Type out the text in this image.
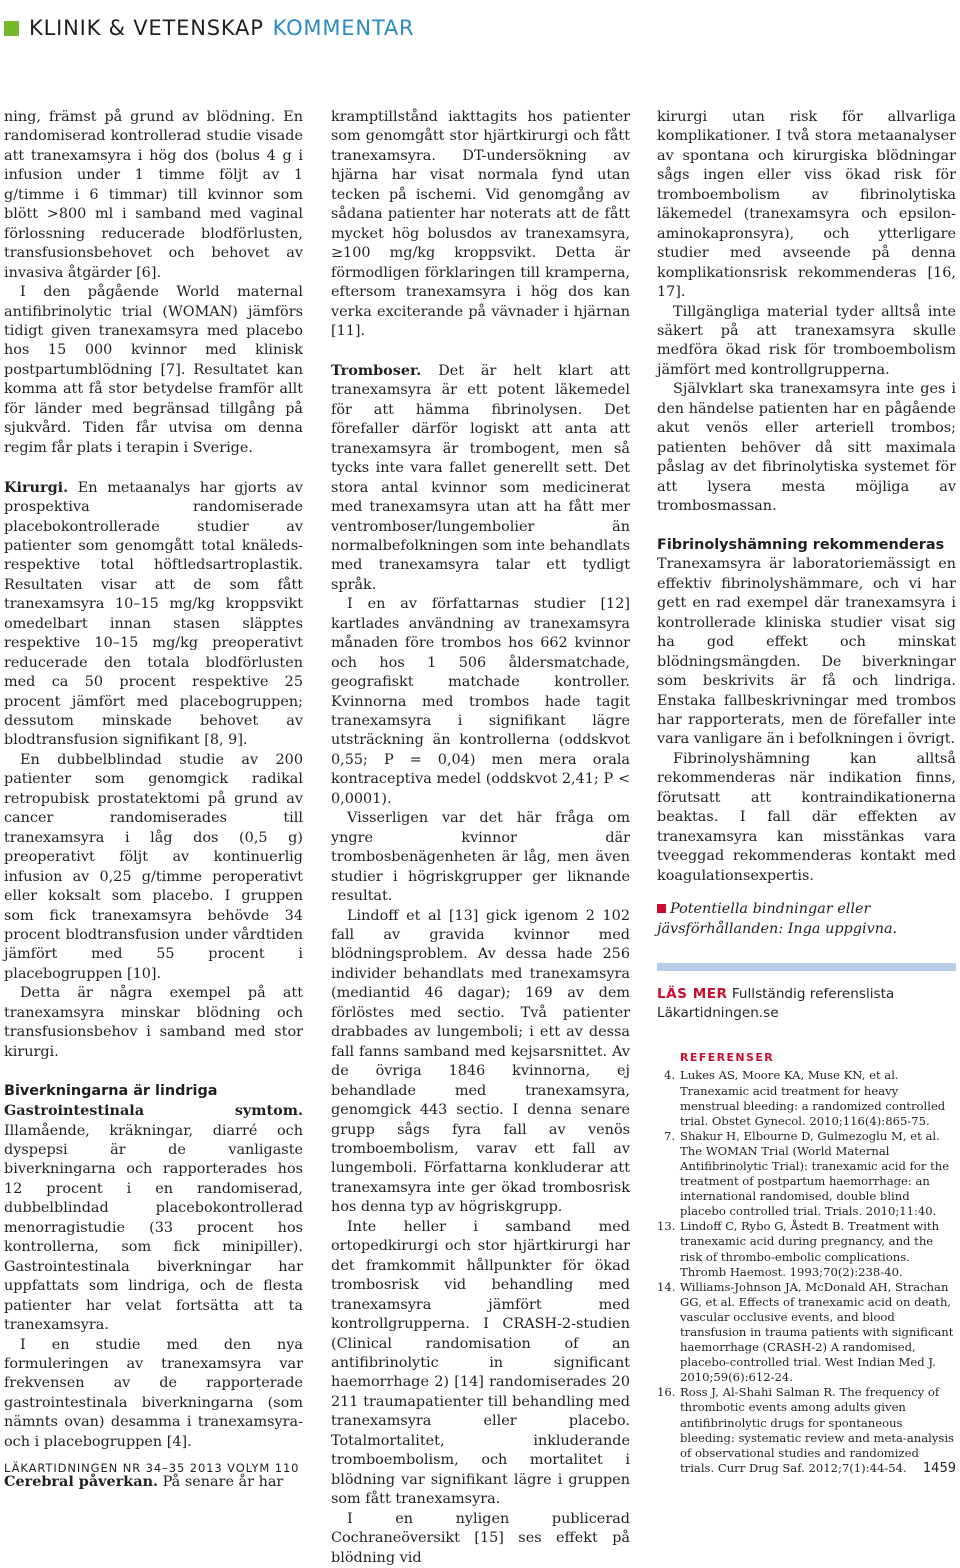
KLINIK & VETENSKAP KOMMENTAR

ning, främst på grund av blödning. En randomiserad kontrollerad studie visade att tranexamsyra i hög dos (bolus 4 g i infusion under 1 timme följt av 1 g/timme i 6 timmar) till kvinnor som blött >800 ml i samband med vaginal förlossning reducerade blodförlusten, transfusionsbehovet och behovet av invasiva åtgärder [6].

I den pågående World maternal antifibrinolytic trial (WOMAN) jämförs tidigt given tranexamsyra med placebo hos 15 000 kvinnor med klinisk postpartumblödning [7]. Resultatet kan komma att få stor betydelse framför allt för länder med begränsad tillgång på sjukvård. Tiden får utvisa om denna regim får plats i terapin i Sverige.

Kirurgi. En metaanalys har gjorts av prospektiva randomiserade placebokontrollerade studier av patienter som genomgått total knäleds- respektive total höftledsartroplastik. Resultaten visar att de som fått tranexamsyra 10–15 mg/kg kroppsvikt omedelbart innan stasen släpptes respektive 10–15 mg/kg preoperativt reducerade den totala blodförlusten med ca 50 procent respektive 25 procent jämfört med placebogruppen; dessutom minskade behovet av blodtransfusion signifikant [8, 9].

En dubbelblindad studie av 200 patienter som genomgick radikal retropubisk prostatektomi på grund av cancer randomiserades till tranexamsyra i låg dos (0,5 g) preoperativt följt av kontinuerlig infusion av 0,25 g/timme peroperativt eller koksalt som placebo. I gruppen som fick tranexamsyra behövde 34 procent blodtransfusion under vårdtiden jämfört med 55 procent i placebogruppen [10].

Detta är några exempel på att tranexamsyra minskar blödning och transfusionsbehov i samband med stor kirurgi.

Biverkningarna är lindriga

Gastrointestinala symtom. Illamående, kräkningar, diarré och dyspepsi är de vanligaste biverkningarna och rapporterades hos 12 procent i en randomiserad, dubbelblindad placebokontrollerad menorragistudie (33 procent hos kontrollerna, som fick minipiller). Gastrointestinala biverkningar har uppfattats som lindriga, och de flesta patienter har velat fortsätta att ta tranexamsyra.

I en studie med den nya formuleringen av tranexamsyra var frekvensen av de rapporterade gastrointestinala biverkningarna (som nämnts ovan) desamma i tranexamsyra- och i placebogruppen [4].

Cerebral påverkan. På senare år har

kramptillstånd iakttagits hos patienter som genomgått stor hjärtkirurgi och fått tranexamsyra. DT-undersökning av hjärna har visat normala fynd utan tecken på ischemi. Vid genomgång av sådana patienter har noterats att de fått mycket hög bolusdos av tranexamsyra, ≥100 mg/kg kroppsvikt. Detta är förmodligen förklaringen till kramperna, eftersom tranexamsyra i hög dos kan verka exciterande på vävnader i hjärnan [11].

Tromboser. Det är helt klart att tranexamsyra är ett potent läkemedel för att hämma fibrinolysen. Det förefaller därför logiskt att anta att tranexamsyra är trombogent, men så tycks inte vara fallet generellt sett. Det stora antal kvinnor som medicinerat med tranexamsyra utan att ha fått mer ventromboser/lungembolier än normalbefolkningen som inte behandlats med tranexamsyra talar ett tydligt språk.

I en av författarnas studier [12] kartlades användning av tranexamsyra månaden före trombos hos 662 kvinnor och hos 1 506 åldersmatchade, geografiskt matchade kontroller. Kvinnorna med trombos hade tagit tranexamsyra i signifikant lägre utsträckning än kontrollerna (oddskvot 0,55; P = 0,04) men mera orala kontraceptiva medel (oddskvot 2,41; P < 0,0001).

Visserligen var det här fråga om yngre kvinnor där trombosbenägenheten är låg, men även studier i högriskgrupper ger liknande resultat.

Lindoff et al [13] gick igenom 2 102 fall av gravida kvinnor med blödningsproblem. Av dessa hade 256 individer behandlats med tranexamsyra (mediantid 46 dagar); 169 av dem förlöstes med sectio. Två patienter drabbades av lungemboli; i ett av dessa fall fanns samband med kejsarsnittet. Av de övriga 1846 kvinnorna, ej behandlade med tranexamsyra, genomgick 443 sectio. I denna senare grupp sågs fyra fall av venös tromboembolism, varav ett fall av lungemboli. Författarna konkluderar att tranexamsyra inte ger ökad trombosrisk hos denna typ av högriskgrupp.

Inte heller i samband med ortopedkirurgi och stor hjärtkirurgi har det framkommit hållpunkter för ökad trombosrisk vid behandling med tranexamsyra jämfört med kontrollgrupperna. I CRASH-2-studien (Clinical randomisation of an antifibrinolytic in significant haemorrhage 2) [14] randomiserades 20 211 traumapatienter till behandling med tranexamsyra eller placebo. Totalmortalitet, inkluderande tromboembolism, och mortalitet i blödning var signifikant lägre i gruppen som fått tranexamsyra.

I en nyligen publicerad Cochraneöversikt [15] ses effekt på blödning vid

kirurgi utan risk för allvarliga komplikationer. I två stora metaanalyser av spontana och kirurgiska blödningar sågs ingen eller viss ökad risk för tromboembolism av fibrinolytiska läkemedel (tranexamsyra och epsilon-aminokapronsyra), och ytterligare studier med avseende på denna komplikationsrisk rekommenderas [16, 17].

Tillgängliga material tyder alltså inte säkert på att tranexamsyra skulle medföra ökad risk för tromboembolism jämfört med kontrollgrupperna.

Självklart ska tranexamsyra inte ges i den händelse patienten har en pågående akut venös eller arteriell trombos; patienten behöver då sitt maximala påslag av det fibrinolytiska systemet för att lysera mesta möjliga av trombosmassan.

Fibrinolyshämning rekommenderas

Tranexamsyra är laboratoriemässigt en effektiv fibrinolyshämmare, och vi har gett en rad exempel där tranexamsyra i kontrollerade kliniska studier visat sig ha god effekt och minskat blödningsmängden. De biverkningar som beskrivits är få och lindriga. Enstaka fallbeskrivningar med trombos har rapporterats, men de förefaller inte vara vanligare än i befolkningen i övrigt.

Fibrinolyshämning kan alltså rekommenderas när indikation finns, förutsatt att kontraindikationerna beaktas. I fall där effekten av tranexamsyra kan misstänkas vara tveeggad rekommenderas kontakt med koagulationsexpertis.

Potentiella bindningar eller jävsförhållanden: Inga uppgivna.
LÄS MER Fullständig referenslista
Läkartidningen.se
REFERENSER
4. Lukes AS, Moore KA, Muse KN, et al. Tranexamic acid treatment for heavy menstrual bleeding: a randomized controlled trial. Obstet Gynecol. 2010;116(4):865-75.
7. Shakur H, Elbourne D, Gulmezoglu M, et al. The WOMAN Trial (World Maternal Antifibrinolytic Trial): tranexamic acid for the treatment of postpartum haemorrhage: an international randomised, double blind placebo controlled trial. Trials. 2010;11:40.
13. Lindoff C, Rybo G, Åstedt B. Treatment with tranexamic acid during pregnancy, and the risk of thrombo-embolic complications. Thromb Haemost. 1993;70(2):238-40.
14. Williams-Johnson JA, McDonald AH, Strachan GG, et al. Effects of tranexamic acid on death, vascular occlusive events, and blood transfusion in trauma patients with significant haemorrhage (CRASH-2) A randomised, placebo-controlled trial. West Indian Med J. 2010;59(6):612-24.
16. Ross J, Al-Shahi Salman R. The frequency of thrombotic events among adults given antifibrinolytic drugs for spontaneous bleeding: systematic review and meta-analysis of observational studies and randomized trials. Curr Drug Saf. 2012;7(1):44-54.
LÄKARTIDNINGEN NR 34–35 2013 VOLYM 110	1459
